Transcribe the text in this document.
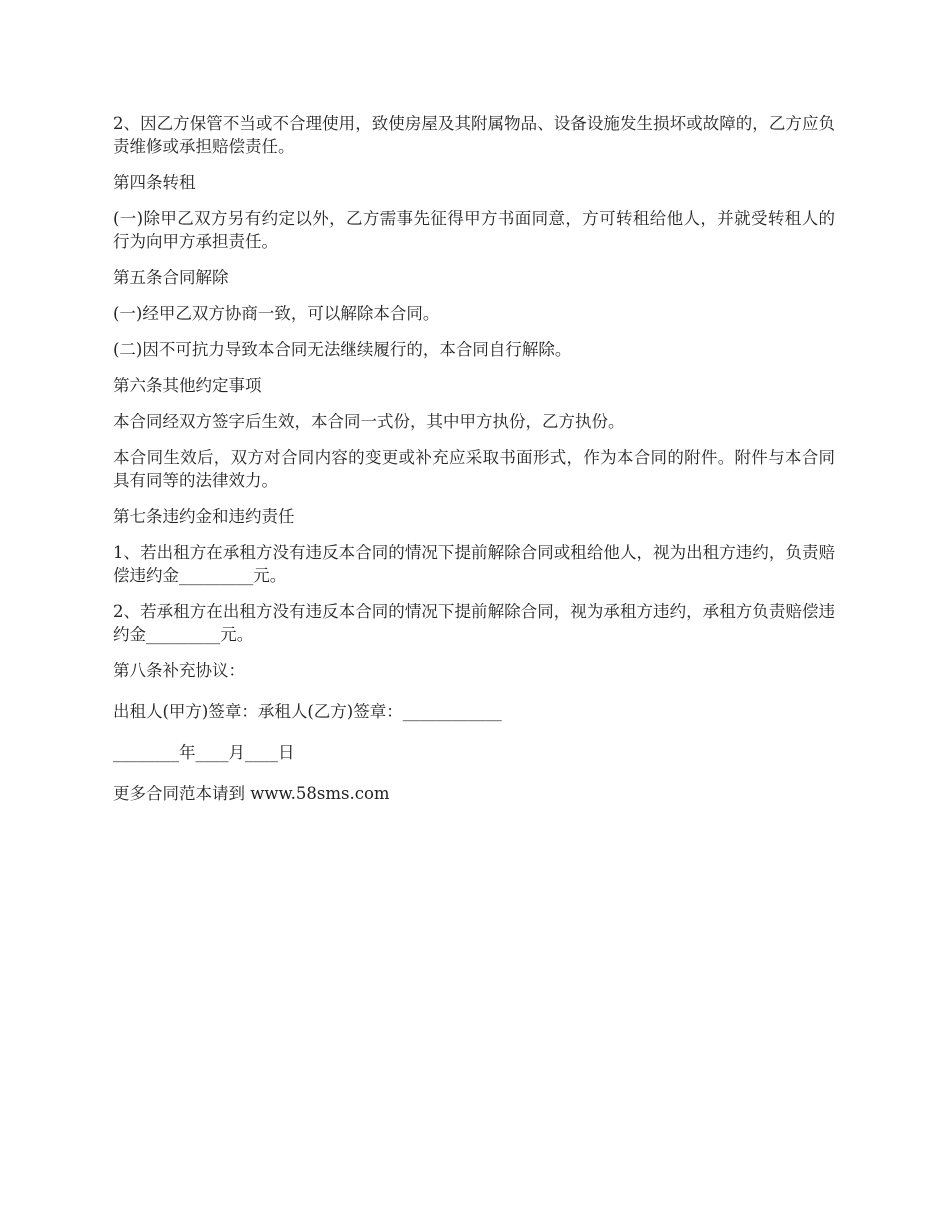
2、因乙方保管不当或不合理使用，致使房屋及其附属物品、设备设施发生损坏或故障的，乙方应负责维修或承担赔偿责任。

第四条转租

(一)除甲乙双方另有约定以外，乙方需事先征得甲方书面同意，方可转租给他人，并就受转租人的行为向甲方承担责任。

第五条合同解除

(一)经甲乙双方协商一致，可以解除本合同。

(二)因不可抗力导致本合同无法继续履行的，本合同自行解除。

第六条其他约定事项

本合同经双方签字后生效，本合同一式份，其中甲方执份，乙方执份。

本合同生效后，双方对合同内容的变更或补充应采取书面形式，作为本合同的附件。附件与本合同具有同等的法律效力。

第七条违约金和违约责任

1、若出租方在承租方没有违反本合同的情况下提前解除合同或租给他人，视为出租方违约，负责赔偿违约金_________元。

2、若承租方在出租方没有违反本合同的情况下提前解除合同，视为承租方违约，承租方负责赔偿违约金_________元。

第八条补充协议：

出租人(甲方)签章：承租人(乙方)签章：____________

________年____月____日

更多合同范本请到 www.58sms.com
